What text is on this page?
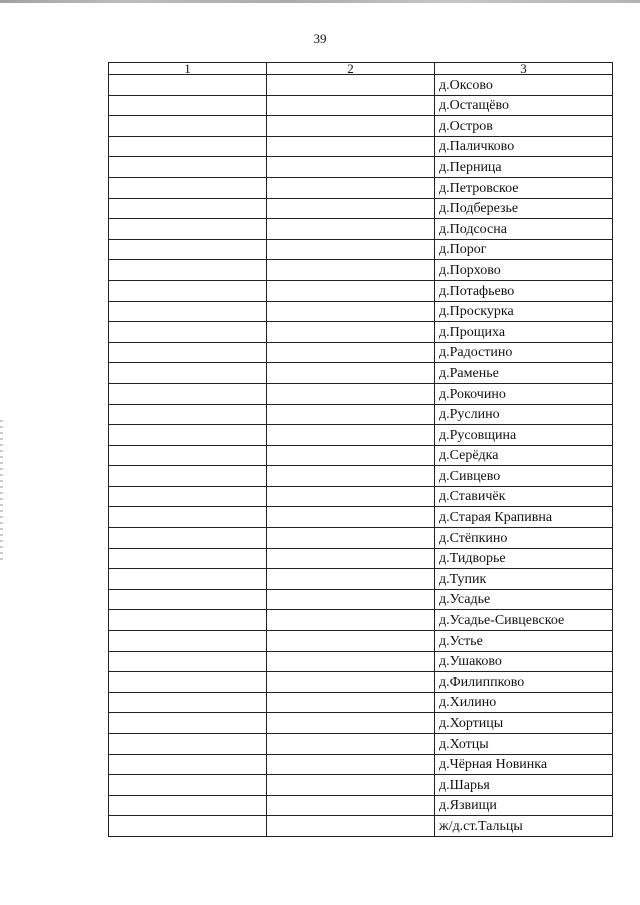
39
1	2	3
		д.Оксово
		д.Остащёво
		д.Остров
		д.Паличково
		д.Перница
		д.Петровское
		д.Подберезье
		д.Подсосна
		д.Порог
		д.Порхово
		д.Потафьево
		д.Проскурка
		д.Прощиха
		д.Радостино
		д.Раменье
		д.Рокочино
		д.Руслино
		д.Русовщина
		д.Серёдка
		д.Сивцево
		д.Ставичёк
		д.Старая Крапивна
		д.Стёпкино
		д.Тидворье
		д.Тупик
		д.Усадье
		д.Усадье-Сивцевское
		д.Устье
		д.Ушаково
		д.Филиппково
		д.Хилино
		д.Хортицы
		д.Хотцы
		д.Чёрная Новинка
		д.Шарья
		д.Язвищи
		ж/д.ст.Тальцы
